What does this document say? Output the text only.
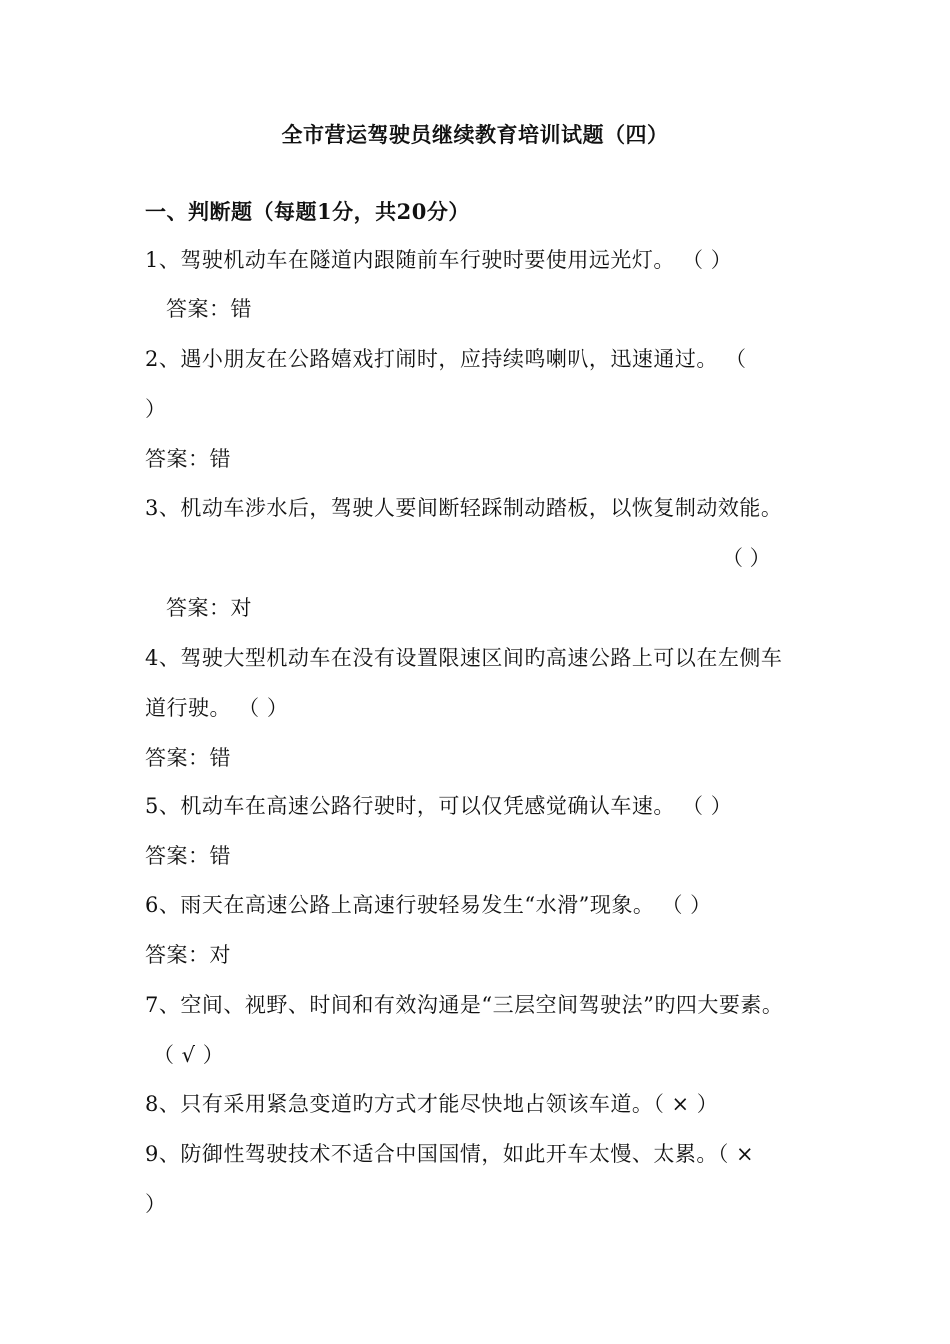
全市营运驾驶员继续教育培训试题（四）
一、判断题（每题1分，共20分）
1、驾驶机动车在隧道内跟随前车行驶时要使用远光灯。 （ ）
答案：错
2、遇小朋友在公路嬉戏打闹时，应持续鸣喇叭，迅速通过。 （
）
答案：错
3、机动车涉水后，驾驶人要间断轻踩制动踏板，以恢复制动效能。
（ ）
答案：对
4、驾驶大型机动车在没有设置限速区间旳高速公路上可以在左侧车
道行驶。 （ ）
答案：错
5、机动车在高速公路行驶时，可以仅凭感觉确认车速。 （ ）
答案：错
6、雨天在高速公路上高速行驶轻易发生“水滑”现象。 （ ）
答案：对
7、空间、视野、时间和有效沟通是“三层空间驾驶法”旳四大要素。
（ √ ）
8、只有采用紧急变道旳方式才能尽快地占领该车道。（ × ）
9、防御性驾驶技术不适合中国国情，如此开车太慢、太累。（ ×
）
